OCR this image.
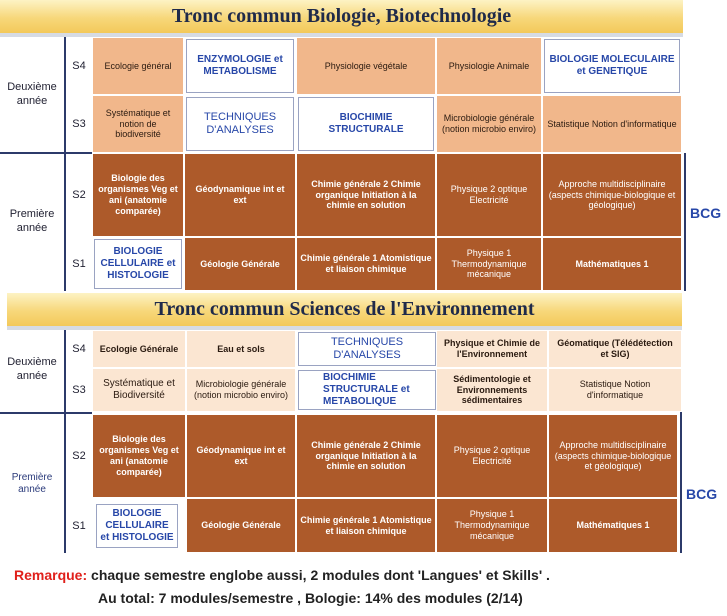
Tronc commun Biologie, Biotechnologie
Deuxième année
Première année
S4
S3
S2
S1
Ecologie général
ENZYMOLOGIE et METABOLISME
Physiologie végétale	Physiologie Animale
BIOLOGIE MOLECULAIRE et GENETIQUE
Systématique et notion de biodiversité
TECHNIQUES D'ANALYSES
BIOCHIMIE STRUCTURALE
Microbiologie générale (notion microbio enviro)
Statistique Notion d'informatique
Biologie des organismes Veg et ani (anatomie comparée)
Géodynamique int et ext
Chimie générale 2 Chimie organique Initiation à la chimie en solution
Physique 2 optique Electricité
Approche multidisciplinaire (aspects chimique-biologique et géologique)
BIOLOGIE CELLULAIRE et HISTOLOGIE
Géologie Générale
Chimie générale 1 Atomistique et liaison chimique
Physique 1 Thermodynamique mécanique
Mathématiques 1
BCG
Tronc commun Sciences de l'Environnement
Deuxième année
Première année
S4
S3
S2
S1
Ecologie Générale	Eau et sols
TECHNIQUES D'ANALYSES
Physique et Chimie de l'Environnement
Géomatique (Télédétection et SIG)
Systématique et Biodiversité
Microbiologie générale (notion microbio enviro)
BIOCHIMIE STRUCTURALE et METABOLIQUE
Sédimentologie et Environnements sédimentaires
Statistique Notion d'informatique
Biologie des organismes Veg et ani (anatomie comparée)
Géodynamique int et ext
Chimie générale 2 Chimie organique Initiation à la chimie en solution
Physique 2 optique Electricité
Approche multidisciplinaire (aspects chimique-biologique et géologique)
BIOLOGIE CELLULAIRE et HISTOLOGIE
Géologie Générale
Chimie générale 1 Atomistique et liaison chimique
Physique 1 Thermodynamique mécanique
Mathématiques 1
BCG
Remarque: chaque semestre englobe aussi, 2 modules dont 'Langues' et Skills' .
Au total: 7 modules/semestre , Bologie: 14% des modules (2/14)
